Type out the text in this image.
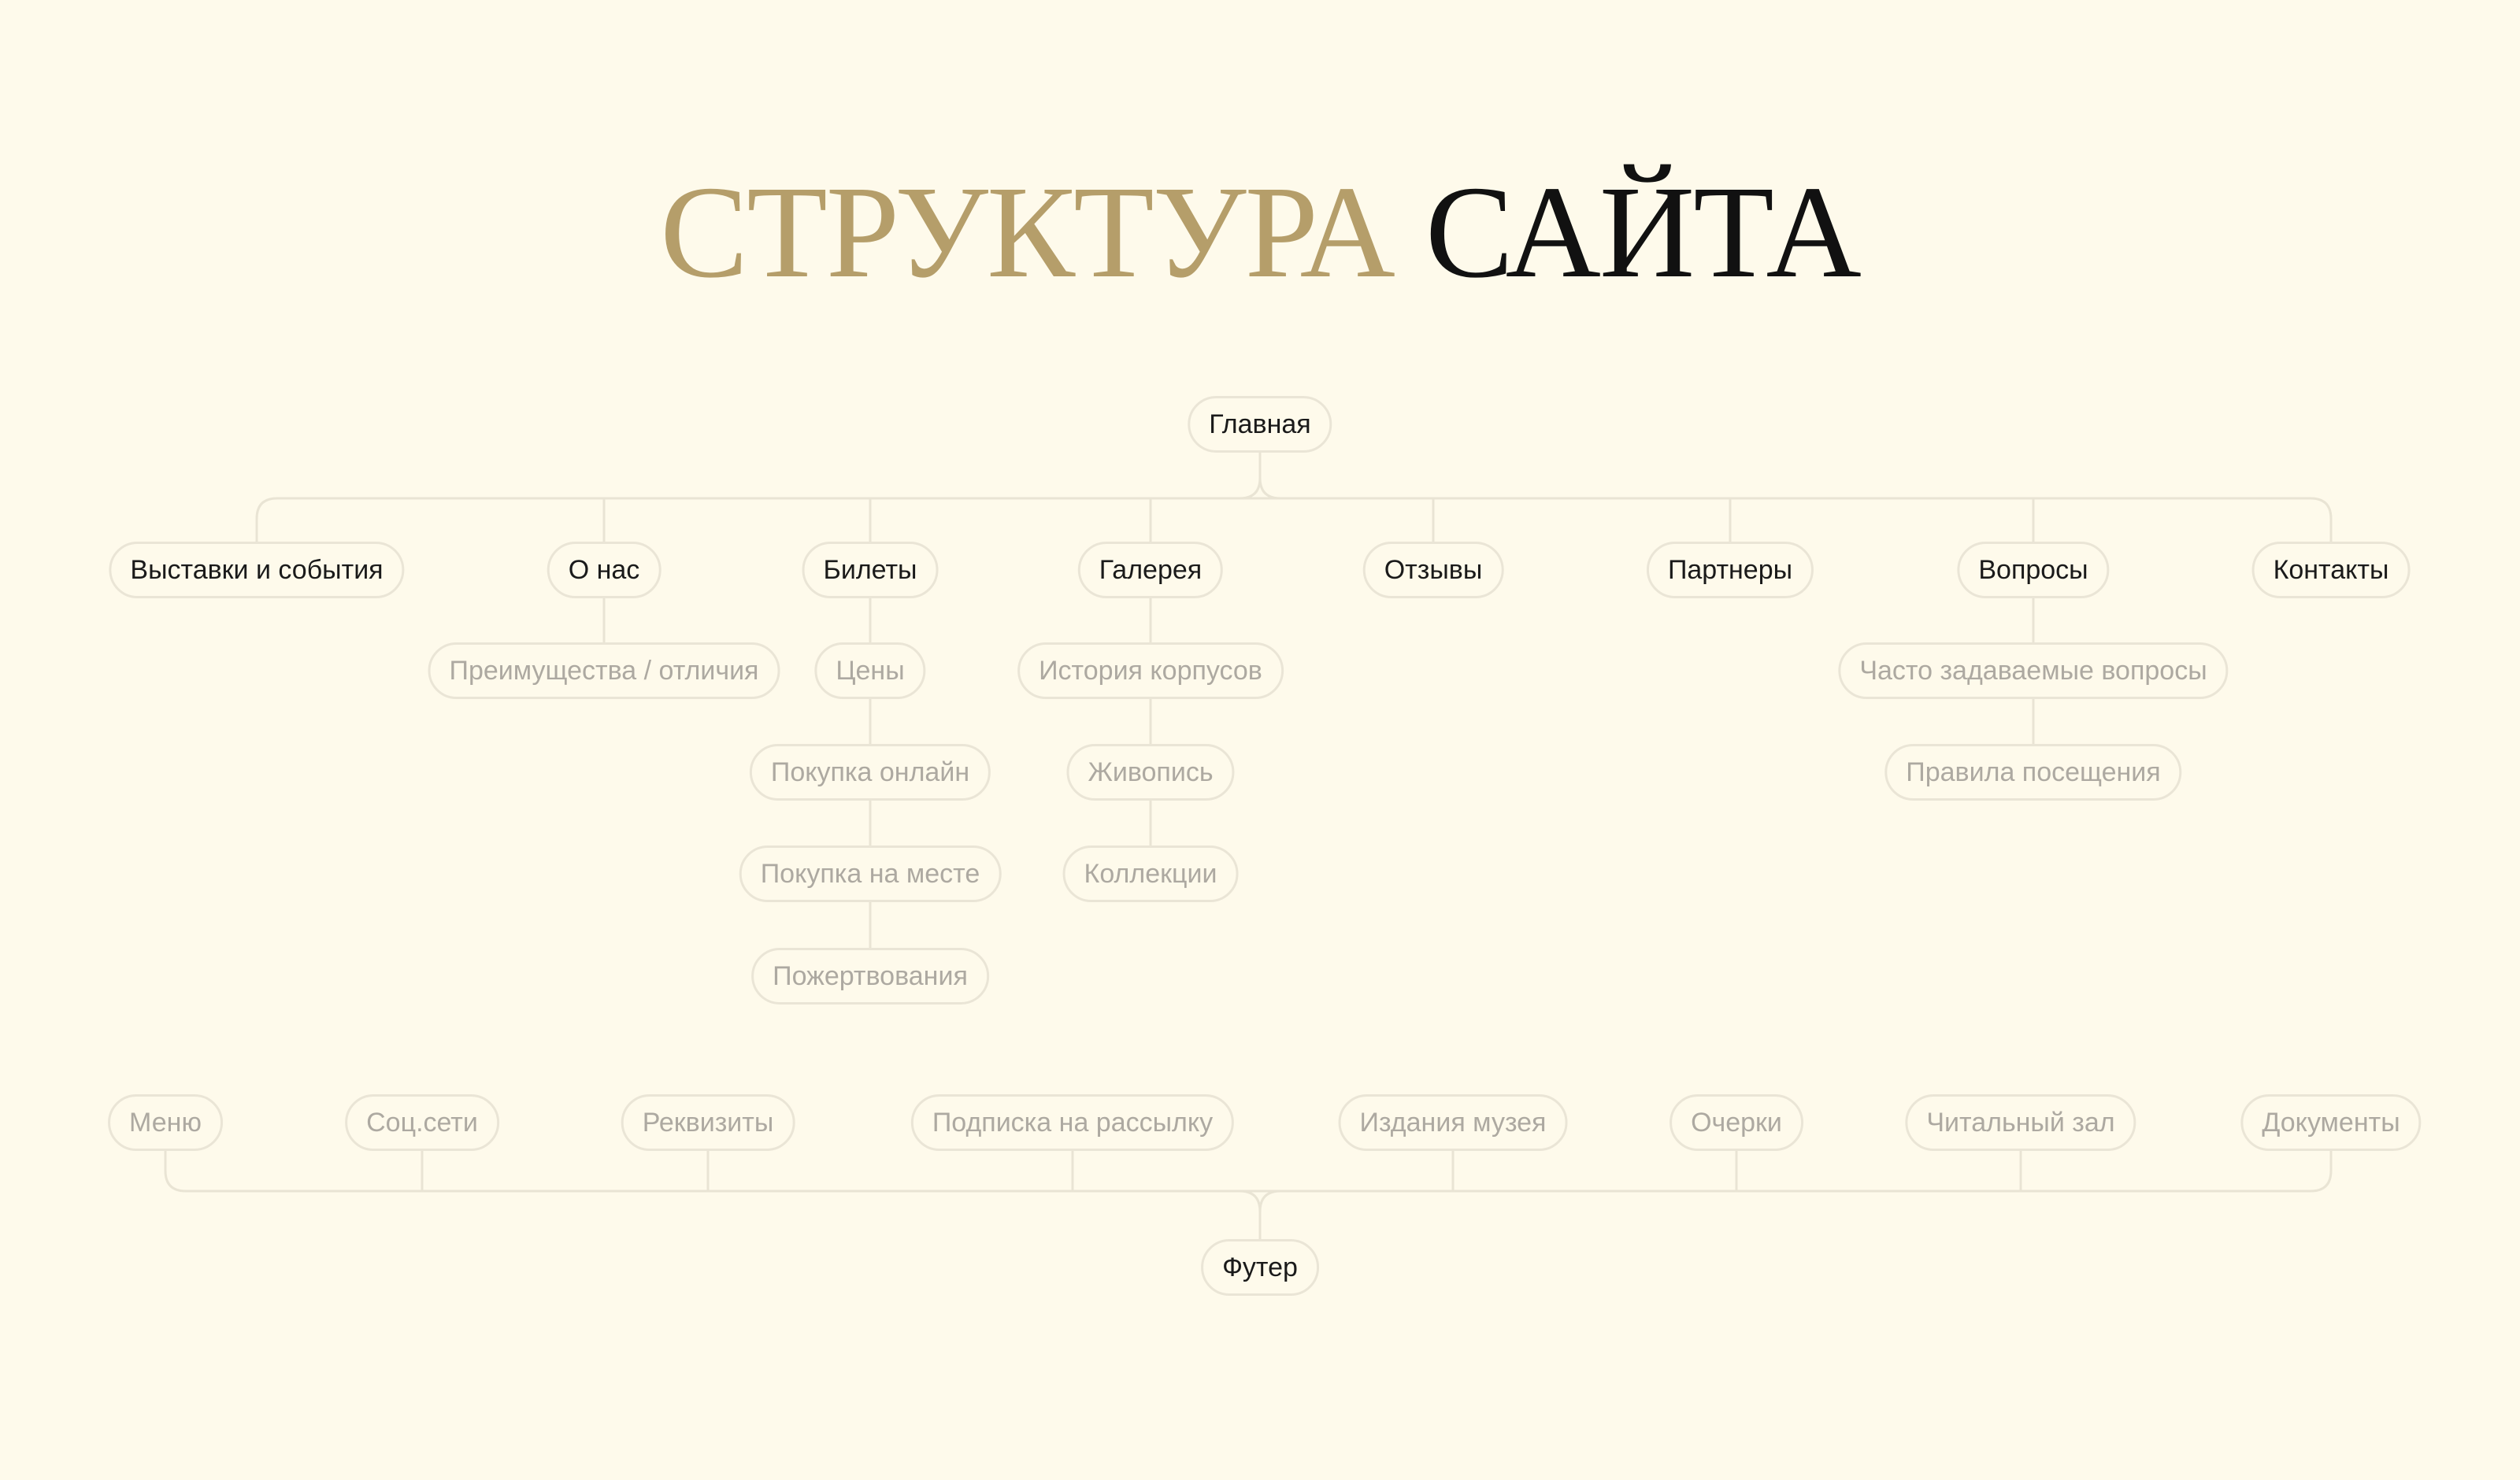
СТРУКТУРА САЙТА
Главная
Выставки и события	О нас	Билеты	Галерея	Отзывы	Партнеры	Вопросы	Контакты
Преимущества / отличия	Цены
Покупка онлайн
Покупка на месте
Пожертвования
История корпусов
Живопись
Коллекции
Часто задаваемые вопросы
Правила посещения
Меню	Соц.сети	Реквизиты	Подписка на рассылку	Издания музея	Очерки	Читальный зал	Документы
Футер
